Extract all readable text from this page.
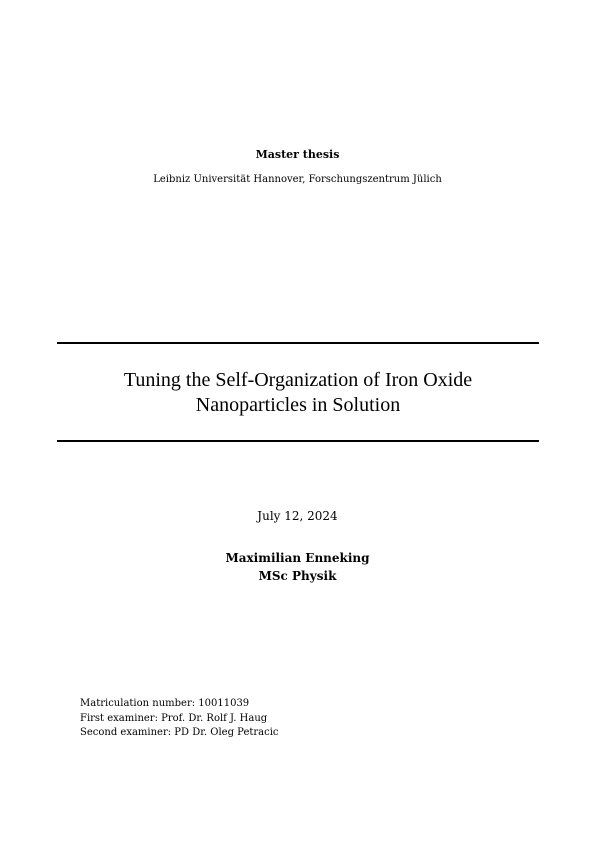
Master thesis
Leibniz Universität Hannover, Forschungszentrum Jülich
Tuning the Self-Organization of Iron Oxide
Nanoparticles in Solution
July 12, 2024
Maximilian Enneking
MSc Physik
Matriculation number: 10011039
First examiner: Prof. Dr. Rolf J. Haug
Second examiner: PD Dr. Oleg Petracic
